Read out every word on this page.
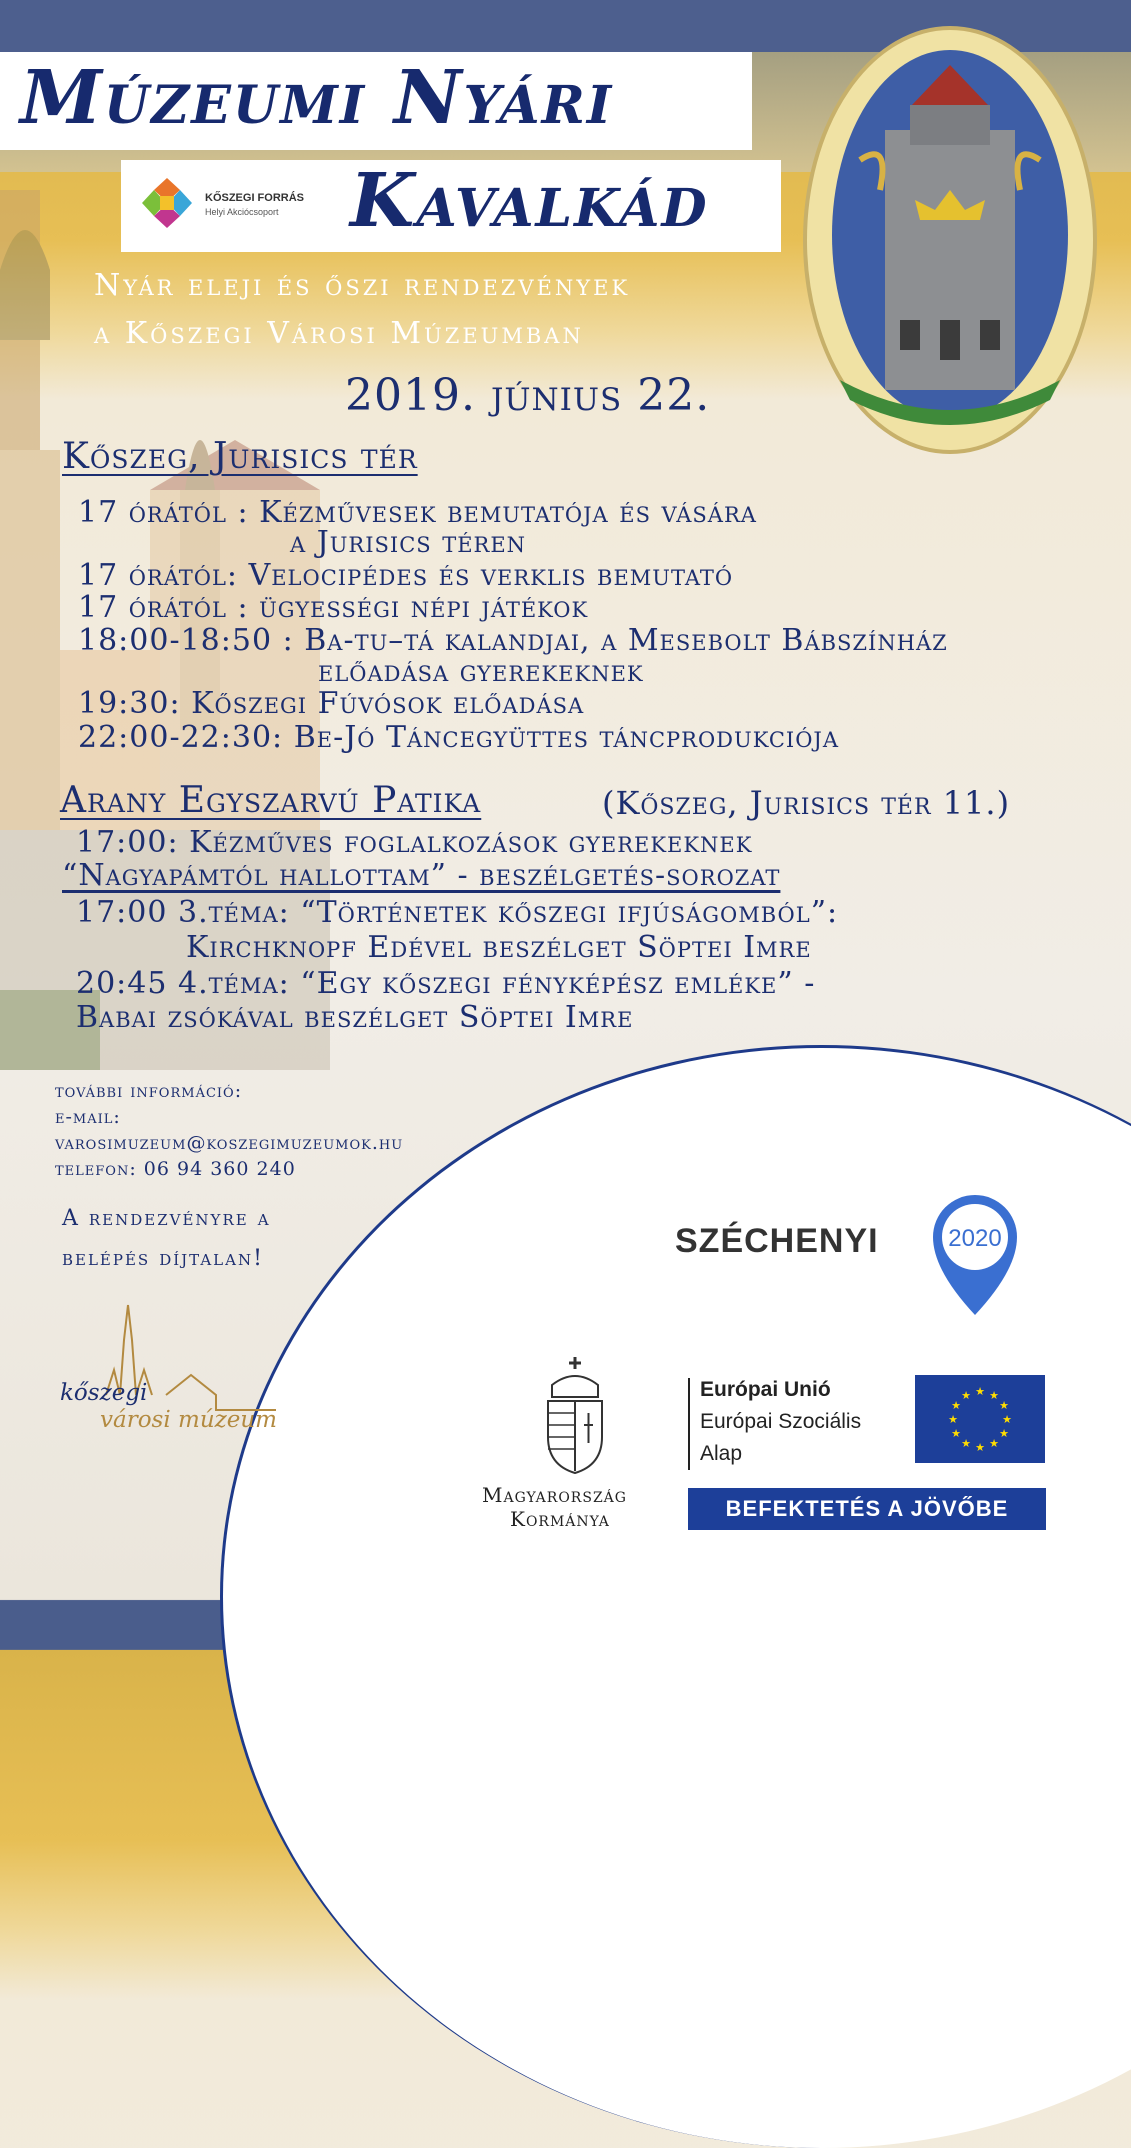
Múzeumi Nyári
Kavalkád
KŐSZEGI FORRÁS
Helyi Akciócsoport
Nyár eleji és őszi rendezvények
a Kőszegi Városi Múzeumban
2019. június 22.
Kőszeg, Jurisics tér
17 órától : Kézművesek bemutatója és vására
a Jurisics téren
17 órától: Velocipédes és verklis bemutató
17 órától : ügyességi népi játékok
18:00-18:50 : Ba-tu–tá kalandjai, a Mesebolt Bábszínház
előadása gyerekeknek
19:30: Kőszegi Fúvósok előadása
22:00-22:30: Be-Jó Táncegyüttes táncprodukciója
Arany Egyszarvú Patika	(Kőszeg, Jurisics tér 11.)
17:00: Kézműves foglalkozások gyerekeknek
“Nagyapámtól hallottam” - beszélgetés-sorozat
17:00 3.téma: “Történetek kőszegi ifjúságomból”:
Kirchknopf Edével beszélget Söptei Imre
20:45 4.téma: “Egy kőszegi fényképész emléke” -
Babai zsókával beszélget Söptei Imre
további információ:
e-mail:
varosimuzeum@koszegimuzeumok.hu
telefon: 06 94 360 240
A rendezvényre a
belépés díjtalan!
kőszegi
városi múzeum
SZÉCHENYI	2020
Magyarország
Kormánya
Európai Unió
Európai Szociális
Alap
★ ★
★
★
★
★
★
★
★
★
★
★
BEFEKTETÉS A JÖVŐBE
